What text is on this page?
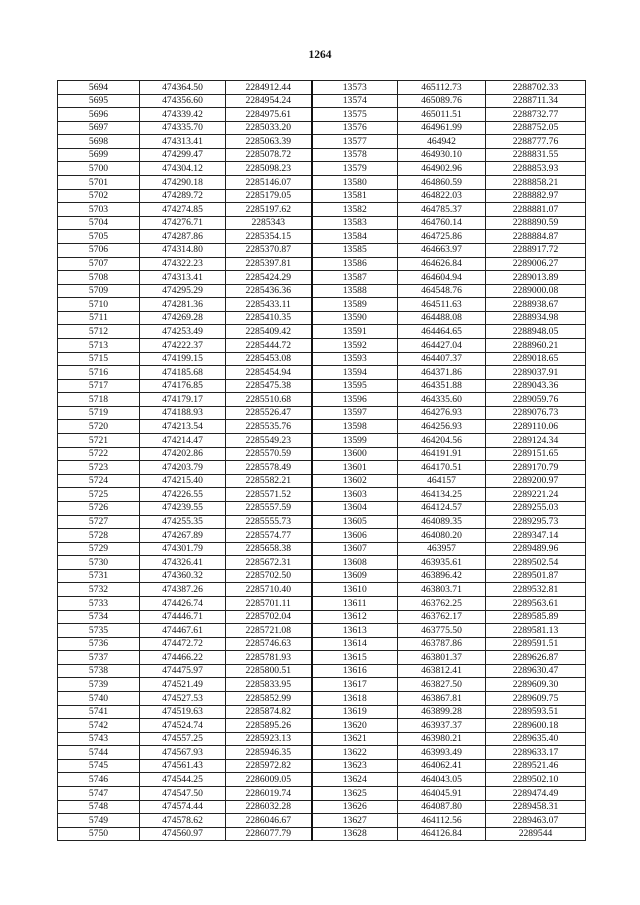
1264
5694	474364.50	2284912.44	13573	465112.73	2288702.33
5695	474356.60	2284954.24	13574	465089.76	2288711.34
5696	474339.42	2284975.61	13575	465011.51	2288732.77
5697	474335.70	2285033.20	13576	464961.99	2288752.05
5698	474313.41	2285063.39	13577	464942	2288777.76
5699	474299.47	2285078.72	13578	464930.10	2288831.55
5700	474304.12	2285098.23	13579	464902.96	2288853.93
5701	474290.18	2285146.07	13580	464860.59	2288858.21
5702	474289.72	2285179.05	13581	464822.03	2288882.97
5703	474274.85	2285197.62	13582	464785.37	2288881.07
5704	474276.71	2285343	13583	464760.14	2288890.59
5705	474287.86	2285354.15	13584	464725.86	2288884.87
5706	474314.80	2285370.87	13585	464663.97	2288917.72
5707	474322.23	2285397.81	13586	464626.84	2289006.27
5708	474313.41	2285424.29	13587	464604.94	2289013.89
5709	474295.29	2285436.36	13588	464548.76	2289000.08
5710	474281.36	2285433.11	13589	464511.63	2288938.67
5711	474269.28	2285410.35	13590	464488.08	2288934.98
5712	474253.49	2285409.42	13591	464464.65	2288948.05
5713	474222.37	2285444.72	13592	464427.04	2288960.21
5715	474199.15	2285453.08	13593	464407.37	2289018.65
5716	474185.68	2285454.94	13594	464371.86	2289037.91
5717	474176.85	2285475.38	13595	464351.88	2289043.36
5718	474179.17	2285510.68	13596	464335.60	2289059.76
5719	474188.93	2285526.47	13597	464276.93	2289076.73
5720	474213.54	2285535.76	13598	464256.93	2289110.06
5721	474214.47	2285549.23	13599	464204.56	2289124.34
5722	474202.86	2285570.59	13600	464191.91	2289151.65
5723	474203.79	2285578.49	13601	464170.51	2289170.79
5724	474215.40	2285582.21	13602	464157	2289200.97
5725	474226.55	2285571.52	13603	464134.25	2289221.24
5726	474239.55	2285557.59	13604	464124.57	2289255.03
5727	474255.35	2285555.73	13605	464089.35	2289295.73
5728	474267.89	2285574.77	13606	464080.20	2289347.14
5729	474301.79	2285658.38	13607	463957	2289489.96
5730	474326.41	2285672.31	13608	463935.61	2289502.54
5731	474360.32	2285702.50	13609	463896.42	2289501.87
5732	474387.26	2285710.40	13610	463803.71	2289532.81
5733	474426.74	2285701.11	13611	463762.25	2289563.61
5734	474446.71	2285702.04	13612	463762.17	2289585.89
5735	474467.61	2285721.08	13613	463775.50	2289581.13
5736	474472.72	2285746.63	13614	463787.86	2289591.51
5737	474466.22	2285781.93	13615	463801.37	2289626.87
5738	474475.97	2285800.51	13616	463812.41	2289630.47
5739	474521.49	2285833.95	13617	463827.50	2289609.30
5740	474527.53	2285852.99	13618	463867.81	2289609.75
5741	474519.63	2285874.82	13619	463899.28	2289593.51
5742	474524.74	2285895.26	13620	463937.37	2289600.18
5743	474557.25	2285923.13	13621	463980.21	2289635.40
5744	474567.93	2285946.35	13622	463993.49	2289633.17
5745	474561.43	2285972.82	13623	464062.41	2289521.46
5746	474544.25	2286009.05	13624	464043.05	2289502.10
5747	474547.50	2286019.74	13625	464045.91	2289474.49
5748	474574.44	2286032.28	13626	464087.80	2289458.31
5749	474578.62	2286046.67	13627	464112.56	2289463.07
5750	474560.97	2286077.79	13628	464126.84	2289544
